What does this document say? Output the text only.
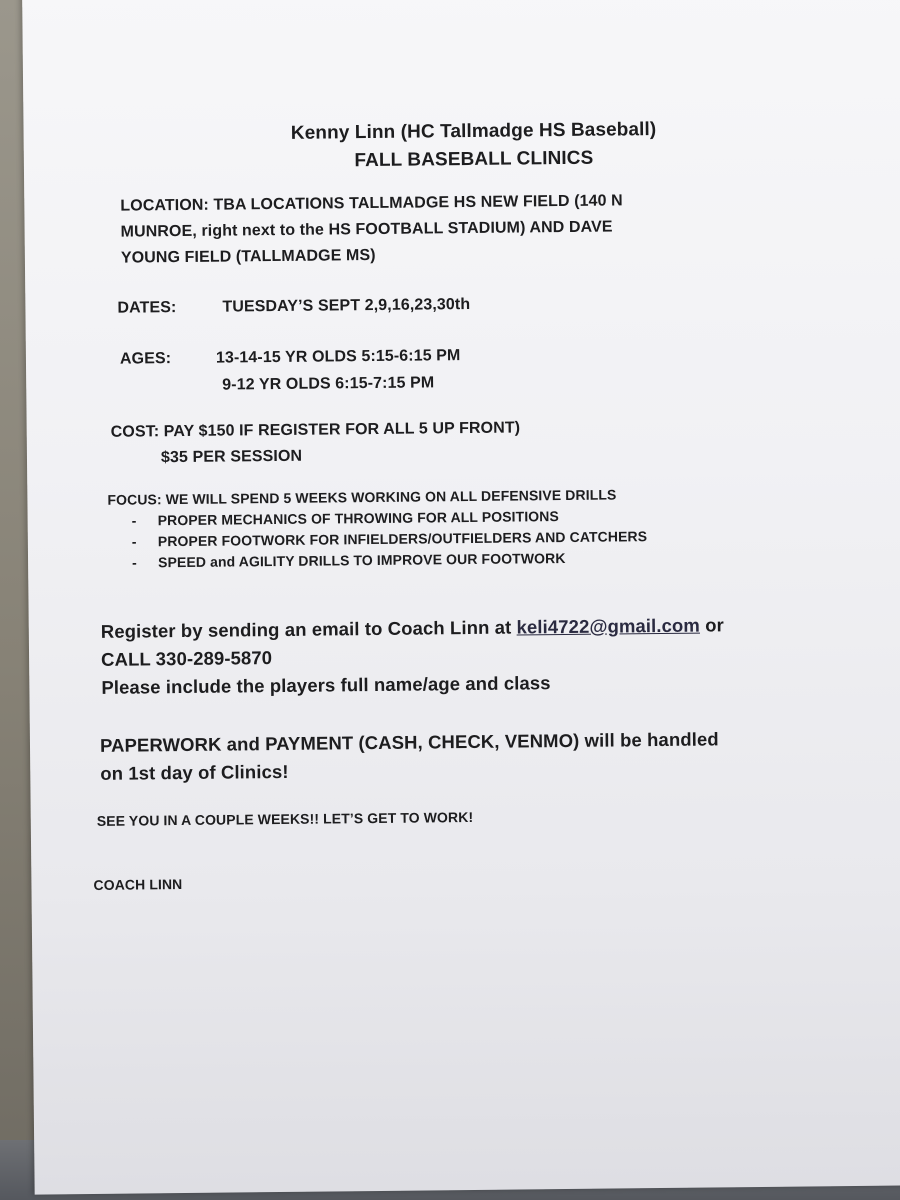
Kenny Linn (HC Tallmadge HS Baseball)
FALL BASEBALL CLINICS
LOCATION: TBA LOCATIONS TALLMADGE HS NEW FIELD (140 N
MUNROE, right next to the HS FOOTBALL STADIUM) AND DAVE
YOUNG FIELD (TALLMADGE MS)
DATES:	TUESDAY’S SEPT 2,9,16,23,30th
AGES:	13-14-15 YR OLDS 5:15-6:15 PM
9-12 YR OLDS 6:15-7:15 PM
COST: PAY $150 IF REGISTER FOR ALL 5 UP FRONT)
$35 PER SESSION
FOCUS: WE WILL SPEND 5 WEEKS WORKING ON ALL DEFENSIVE DRILLS
- PROPER MECHANICS OF THROWING FOR ALL POSITIONS
- PROPER FOOTWORK FOR INFIELDERS/OUTFIELDERS AND CATCHERS
- SPEED and AGILITY DRILLS TO IMPROVE OUR FOOTWORK
Register by sending an email to Coach Linn at keli4722@gmail.com or
CALL 330-289-5870
Please include the players full name/age and class
PAPERWORK and PAYMENT (CASH, CHECK, VENMO) will be handled
on 1st day of Clinics!
SEE YOU IN A COUPLE WEEKS!! LET’S GET TO WORK!
COACH LINN
